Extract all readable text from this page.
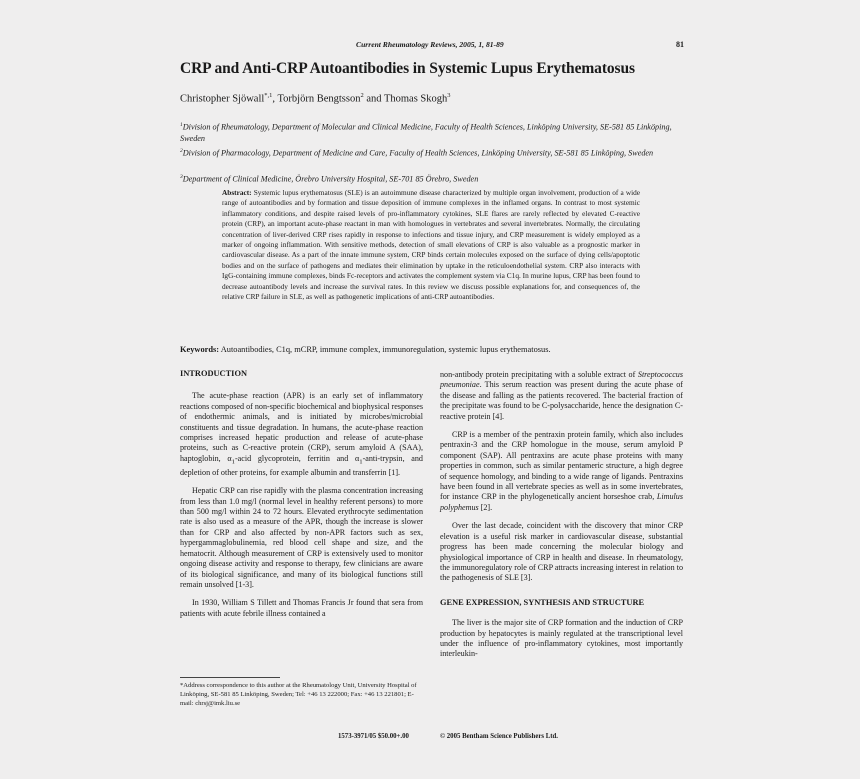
Current Rheumatology Reviews, 2005, 1, 81-89	81
CRP and Anti-CRP Autoantibodies in Systemic Lupus Erythematosus
Christopher Sjöwall$^{*,1}$, Torbjörn Bengtsson$^2$ and Thomas Skogh$^3$
$^1$Division of Rheumatology, Department of Molecular and Clinical Medicine, Faculty of Health Sciences, Linköping University, SE-581 85 Linköping, Sweden
$^2$Division of Pharmacology, Department of Medicine and Care, Faculty of Health Sciences, Linköping University, SE-581 85 Linköping, Sweden
$^3$Department of Clinical Medicine, Örebro University Hospital, SE-701 85 Örebro, Sweden
Abstract: Systemic lupus erythematosus (SLE) is an autoimmune disease characterized by multiple organ involvement, production of a wide range of autoantibodies and by formation and tissue deposition of immune complexes in the inflamed organs. In contrast to most systemic inflammatory conditions, and despite raised levels of pro-inflammatory cytokines, SLE flares are rarely reflected by elevated C-reactive protein (CRP), an important acute-phase reactant in man with homologues in vertebrates and several invertebrates. Normally, the circulating concentration of liver-derived CRP rises rapidly in response to infections and tissue injury, and CRP measurement is widely employed as a marker of ongoing inflammation. With sensitive methods, detection of small elevations of CRP is also valuable as a prognostic marker in cardiovascular disease. As a part of the innate immune system, CRP binds certain molecules exposed on the surface of dying cells/apoptotic bodies and on the surface of pathogens and mediates their elimination by uptake in the reticuloendothelial system. CRP also interacts with IgG-containing immune complexes, binds Fc-receptors and activates the complement system via C1q. In murine lupus, CRP has been found to decrease autoantibody levels and increase the survival rates. In this review we discuss possible explanations for, and consequences of, the relative CRP failure in SLE, as well as pathogenetic implications of anti-CRP autoantibodies.
Keywords: Autoantibodies, C1q, mCRP, immune complex, immunoregulation, systemic lupus erythematosus.
INTRODUCTION

The acute-phase reaction (APR) is an early set of inflammatory reactions composed of non-specific biochemical and biophysical responses of endothermic animals, and is initiated by microbes/microbial constituents and tissue degradation. In humans, the acute-phase reaction comprises increased hepatic production and release of acute-phase proteins, such as C-reactive protein (CRP), serum amyloid A (SAA), haptoglobin, $\alpha_1$-acid glycoprotein, ferritin and $\alpha_1-anti$-trypsin, and depletion of other proteins, for example albumin and transferrin [1].

Hepatic CRP can rise rapidly with the plasma concentration increasing from less than 1.0 mg/l (normal level in healthy referent persons) to more than 500 mg/l within 24 to 72 hours. Elevated erythrocyte sedimentation rate is also used as a measure of the APR, though the increase is slower than for CRP and also affected by non-APR factors such as sex, hypergammaglobulinemia, red blood cell shape and size, and the hematocrit. Although measurement of CRP is extensively used to monitor ongoing disease activity and response to therapy, few clinicians are aware of its biological significance, and many of its biological functions still remain unsolved [1-3].

In 1930, William S Tillett and Thomas Francis Jr found that sera from patients with acute febrile illness contained a

non-antibody protein precipitating with a soluble extract of Streptococcus pneumoniae. This serum reaction was present during the acute phase of the disease and falling as the patients recovered. The bacterial fraction of the precipitate was found to be C-polysaccharide, hence the designation C-reactive protein [4].

CRP is a member of the pentraxin protein family, which also includes pentraxin-3 and the CRP homologue in the mouse, serum amyloid P component (SAP). All pentraxins are acute phase proteins with many properties in common, such as similar pentameric structure, a high degree of sequence homology, and binding to a wide range of ligands. Pentraxins have been found in all vertebrate species as well as in some invertebrates, for instance CRP in the phylogenetically ancient horseshoe crab, Limulus polyphemus [2].

Over the last decade, coincident with the discovery that minor CRP elevation is a useful risk marker in cardiovascular disease, substantial progress has been made concerning the molecular biology and physiological importance of CRP in health and disease. In rheumatology, the immunoregulatory role of CRP attracts increasing interest in relation to the pathogenesis of SLE [3].

GENE EXPRESSION, SYNTHESIS AND STRUCTURE

The liver is the major site of CRP formation and the induction of CRP production by hepatocytes is mainly regulated at the transcriptional level under the influence of pro-inflammatory cytokines, most importantly interleukin-

*Address correspondence to this author at the Rheumatology Unit, University Hospital of Linköping, SE-581 85 Linköping, Sweden; Tel: +46 13 222000; Fax: +46 13 221801; E-mail: chrsj@imk.liu.se
1573-3971/05 $50.00+.00	© 2005 Bentham Science Publishers Ltd.
